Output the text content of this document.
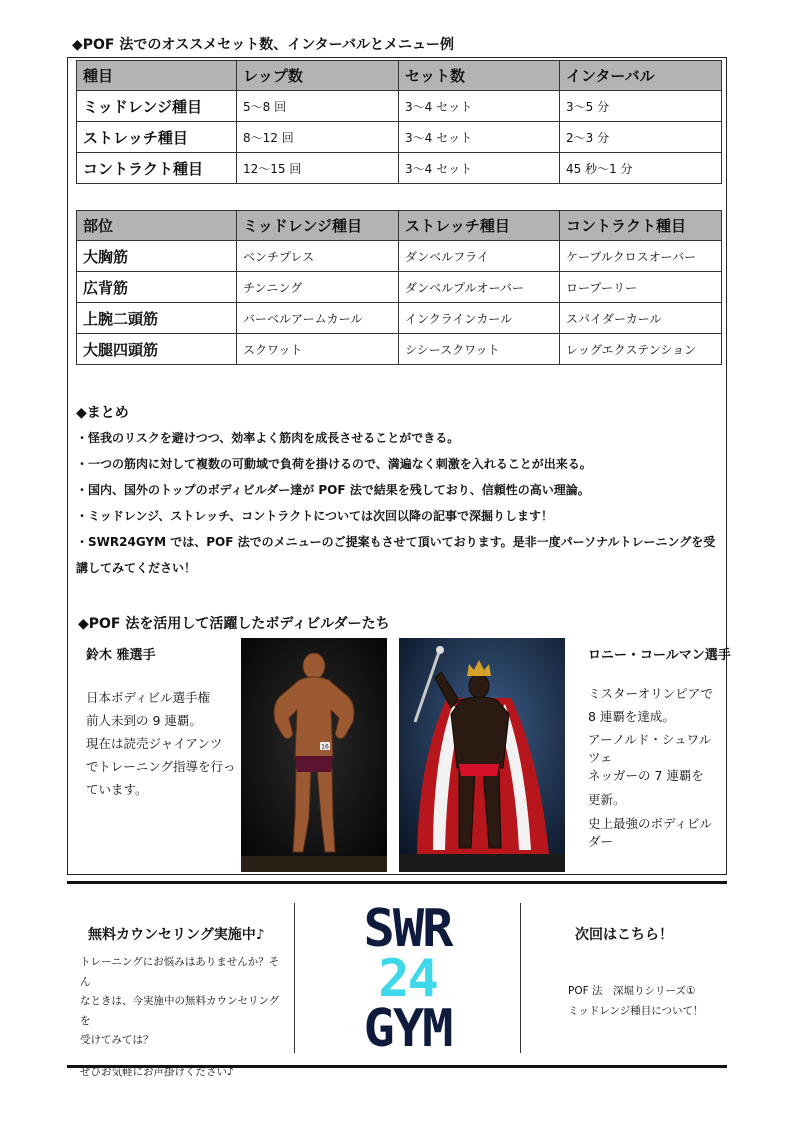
◆POF 法でのオススメセット数、インターバルとメニュー例
種目	レップ数	セット数	インターバル
ミッドレンジ種目	5～8 回	3～4 セット	3～5 分
ストレッチ種目	8～12 回	3～4 セット	2～3 分
コントラクト種目	12～15 回	3～4 セット	45 秒～1 分
部位	ミッドレンジ種目	ストレッチ種目	コントラクト種目
大胸筋	ベンチプレス	ダンベルフライ	ケーブルクロスオーバー
広背筋	チンニング	ダンベルプルオーバー	ロープーリー
上腕二頭筋	バーベルアームカール	インクラインカール	スパイダーカール
大腿四頭筋	スクワット	シシースクワット	レッグエクステンション
◆まとめ
・怪我のリスクを避けつつ、効率よく筋肉を成長させることができる。
・一つの筋肉に対して複数の可動域で負荷を掛けるので、満遍なく刺激を入れることが出来る。
・国内、国外のトップのボディビルダー達が POF 法で結果を残しており、信頼性の高い理論。
・ミッドレンジ、ストレッチ、コントラクトについては次回以降の記事で深掘りします！
・SWR24GYM では、POF 法でのメニューのご提案もさせて頂いております。是非一度パーソナルトレーニングを受講してみてください！
◆POF 法を活用して活躍したボディビルダーたち
鈴木 雅選手
日本ボディビル選手権
前人未到の 9 連覇。
現在は読売ジャイアンツ
でトレーニング指導を行っ
ています。
16
ロニー・コールマン選手
ミスターオリンピアで
8 連覇を達成。
アーノルド・シュワルツェ
ネッガーの 7 連覇を
更新。
史上最強のボディビル
ダー
無料カウンセリング実施中♪
トレーニングにお悩みはありませんか？そん
なときは、今実施中の無料カウンセリングを
受けてみては？
ぜひお気軽にお声掛けください♪
SWR
24
GYM
次回はこちら！
POF 法　深堀りシリーズ①
ミッドレンジ種目について！
